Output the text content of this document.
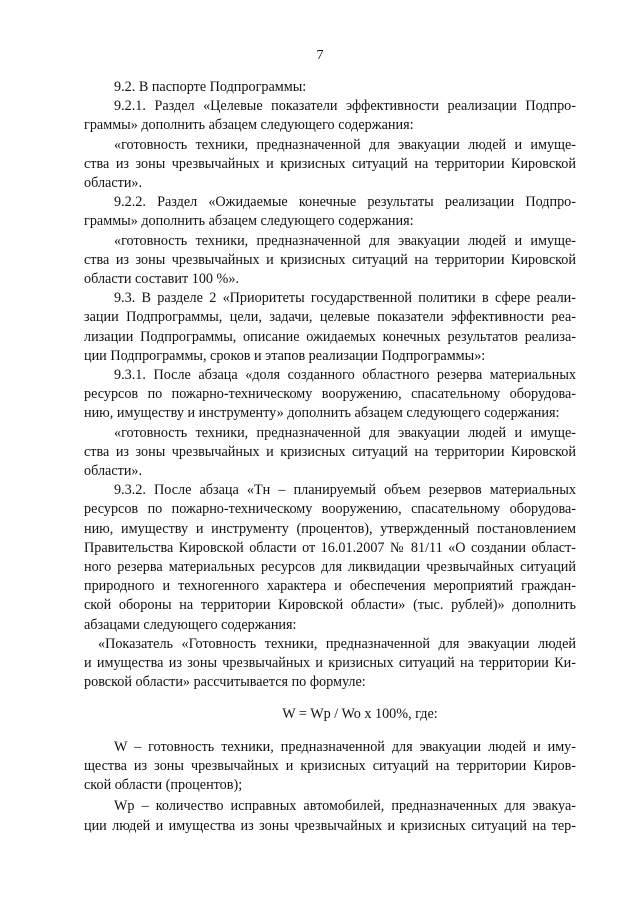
7

9.2. В паспорте Подпрограммы:

9.2.1. Раздел «Целевые показатели эффективности реализации Подпро-
граммы» дополнить абзацем следующего содержания:

«готовность техники, предназначенной для эвакуации людей и имуще-
ства из зоны чрезвычайных и кризисных ситуаций на территории Кировской
области».

9.2.2. Раздел «Ожидаемые конечные результаты реализации Подпро-
граммы» дополнить абзацем следующего содержания:

«готовность техники, предназначенной для эвакуации людей и имуще-
ства из зоны чрезвычайных и кризисных ситуаций на территории Кировской
области составит 100 %».

9.3. В разделе 2 «Приоритеты государственной политики в сфере реали-
зации Подпрограммы, цели, задачи, целевые показатели эффективности реа-
лизации Подпрограммы, описание ожидаемых конечных результатов реализа-
ции Подпрограммы, сроков и этапов реализации Подпрограммы»:

9.3.1. После абзаца «доля созданного областного резерва материальных
ресурсов по пожарно-техническому вооружению, спасательному оборудова-
нию, имуществу и инструменту» дополнить абзацем следующего содержания:

«готовность техники, предназначенной для эвакуации людей и имуще-
ства из зоны чрезвычайных и кризисных ситуаций на территории Кировской
области».

9.3.2. После абзаца «Тн – планируемый объем резервов материальных
ресурсов по пожарно-техническому вооружению, спасательному оборудова-
нию, имуществу и инструменту (процентов), утвержденный постановлением
Правительства Кировской области от 16.01.2007 № 81/11 «О создании област-
ного резерва материальных ресурсов для ликвидации чрезвычайных ситуаций
природного и техногенного характера и обеспечения мероприятий граждан-
ской обороны на территории Кировской области» (тыс. рублей)» дополнить
абзацами следующего содержания:

«Показатель «Готовность техники, предназначенной для эвакуации людей
и имущества из зоны чрезвычайных и кризисных ситуаций на территории Ки-
ровской области» рассчитывается по формуле:

W = Wp / Wo x 100%, где:

W – готовность техники, предназначенной для эвакуации людей и иму-
щества из зоны чрезвычайных и кризисных ситуаций на территории Киров-
ской области (процентов);

Wp – количество исправных автомобилей, предназначенных для эвакуа-
ции людей и имущества из зоны чрезвычайных и кризисных ситуаций на тер-
